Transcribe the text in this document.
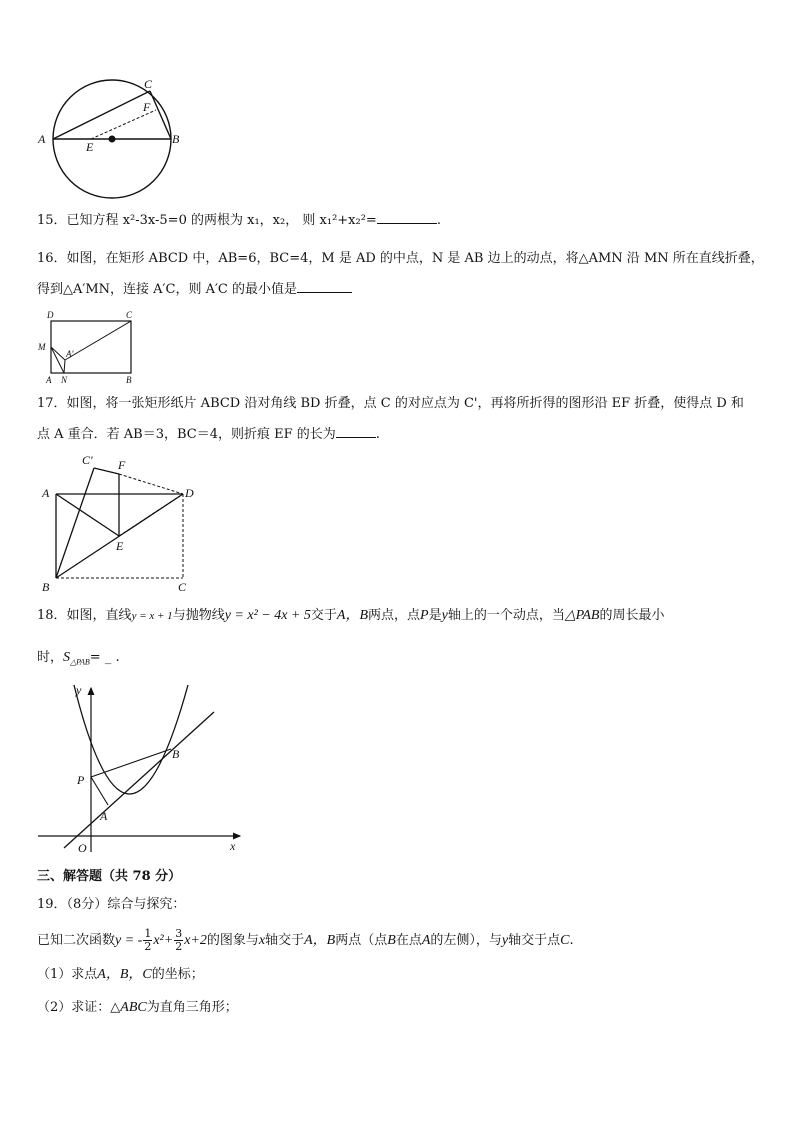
A	B
C
E
F
15．已知方程 x²-3x-5=0 的两根为 x₁，x₂， 则 x₁²+x₂²=	.
16．如图，在矩形 ABCD 中，AB=6，BC=4，M 是 AD 的中点，N 是 AB 边上的动点，将△AMN 沿 MN 所在直线折叠，
得到△A′MN，连接 A′C，则 A′C 的最小值是
D	C
M
A'
A N	B
17．如图，将一张矩形纸片 ABCD 沿对角线 BD 折叠，点 C 的对应点为 C'，再将所折得的图形沿 EF 折叠，使得点 D 和
点 A 重合．若 AB＝3，BC＝4，则折痕 EF 的长为	.
C' F
A	D
E
B	C
18．如图，直线y = x + 1与抛物线y = x² − 4x + 5交于A，B两点，点P是y轴上的一个动点，当△PAB的周长最小
时，$S_{\triangle PAB}=$ _ .
y
x
O
P
A
B
三、解答题（共 78 分）
19．（8分）综合与探究：
已知二次函数y = - $\frac{1}{2} x^2+ \frac{3}{2} x+2$的图象与x轴交于A，B两点（点B在点A的左侧），与y轴交于点C.
（1）求点A，B，C的坐标；
（2）求证：△ABC为直角三角形；
